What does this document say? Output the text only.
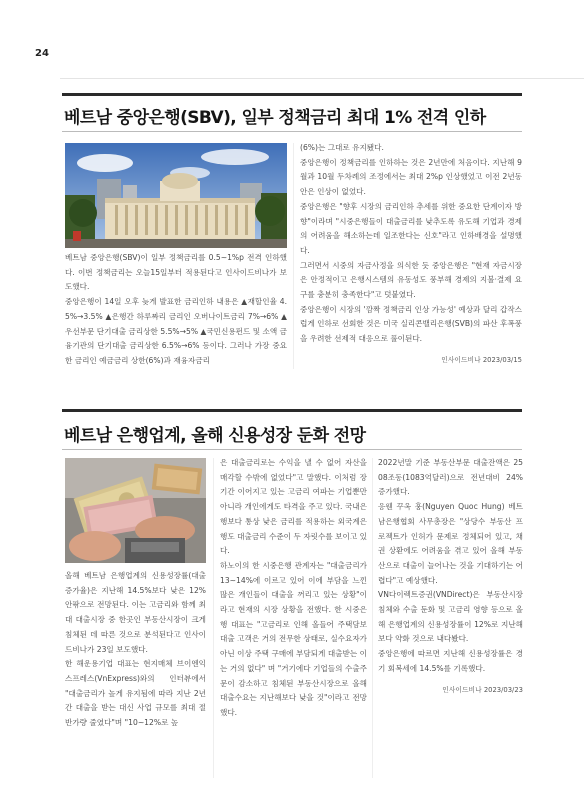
24
베트남 중앙은행(SBV), 일부 정책금리 최대 1% 전격 인하

베트남 중앙은행(SBV)이 일부 정책금리를 0.5~1%p 전격 인하했다. 이번 정책금리는 오늘15일부터 적용된다고 인사이드비나가 보도했다.

중앙은행이 14일 오후 늦게 발표한 금리인하 내용은 ▲재할인율 4.5%→3.5% ▲은행간 하루짜리 금리인 오버나이트금리 7%→6% ▲우선부문 단기대출 금리상한 5.5%→5% ▲국민신용펀드 및 소액 금융기관의 단기대출 금리상한 6.5%→6% 등이다. 그러나 가장 중요한 금리인 예금금리 상한(6%)과 재융자금리

(6%)는 그대로 유지됐다.

중앙은행이 정책금리를 인하하는 것은 2년만에 처음이다. 지난해 9월과 10월 두차례의 조정에서는 최대 2%p 인상했었고 이전 2년동안은 인상이 없었다.

중앙은행은 "향후 시장의 금리인하 추세를 위한 중요한 단계이자 방향"이라며 "시중은행들이 대출금리를 낮추도록 유도해 기업과 경제의 어려움을 해소하는데 일조한다는 신호"라고 인하배경을 설명했다.

그러면서 시중의 자금사정을 의식한 듯 중앙은행은 "현재 자금시장은 안정적이고 은행시스템의 유동성도 풍부해 경제의 지불·결제 요구를 충분히 충족한다"고 덧붙였다.

중앙은행이 시장의 '깜짝 정책금리 인상 가능성' 예상과 달리 갑작스럽게 인하로 선회한 것은 미국 실리콘밸리은행(SVB)의 파산 후폭풍을 우려한 선제적 대응으로 풀이된다.

인사이드비나 2023/03/15
베트남 은행업계, 올해 신용성장 둔화 전망

올해 베트남 은행업계의 신용성장률(대출증가율)은 지난해 14.5%보다 낮은 12% 안팎으로 전망된다. 이는 고금리와 함께 최대 대출시장 중 한곳인 부동산시장이 크게 침체된 데 따른 것으로 분석된다고 인사이드비나가 23일 보도했다.

한 해운용기업 대표는 현지매체 브이엔익스프레스(VnExpress)와의 인터뷰에서 "대출금리가 높게 유지됨에 따라 지난 2년간 대출을 받는 대신 사업 규모를 최대 절반가량 줄였다"며 "10~12%로 높

은 대출금리로는 수익을 낼 수 없어 자산을 매각할 수밖에 없었다"고 말했다. 이처럼 장기간 이어지고 있는 고금리 여파는 기업뿐만 아니라 개인에게도 타격을 주고 있다. 국내은행보다 통상 낮은 금리를 적용하는 외국계은행도 대출금리 수준이 두 자릿수를 보이고 있다.

하노이의 한 시중은행 관계자는 "대출금리가 13~14%에 이르고 있어 이에 부담을 느낀 많은 개인들이 대출을 꺼리고 있는 상황"이라고 현재의 시장 상황을 전했다. 한 시중은행 대표는 "고금리로 인해 올들어 주택담보대출 고객은 거의 전무한 상태로, 실수요자가 아닌 이상 주택 구매에 부담되게 대출받는 이는 거의 없다" 며 "거기에다 기업들의 수출주문이 감소하고 침체된 부동산시장으로 올해 대출수요는 지난해보다 낮을 것"이라고 전망했다.

2022년말 기준 부동산부문 대출잔액은 2508조동(1083억달러)으로 전년대비 24% 증가했다.

응웬 꾸옥 훙(Nguyen Quoc Hung) 베트남은행협회 사무총장은 "상당수 부동산 프로젝트가 인허가 문제로 정체되어 있고, 채권 상환에도 어려움을 겪고 있어 올해 부동산으로 대출이 늘어나는 것을 기대하기는 어렵다"고 예상했다.

VN다이렉트증권(VNDirect)은 부동산시장 침체와 수출 둔화 및 고금리 영향 등으로 올해 은행업계의 신용성장률이 12%로 지난해보다 약화 것으로 내다봤다.

중앙은행에 따르면 지난해 신용성장률은 경기 회복세에 14.5%를 기록했다.

인사이드비나 2023/03/23
